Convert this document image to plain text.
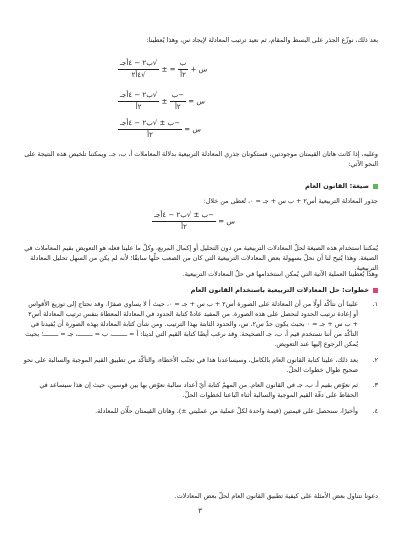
بعد ذلك، نوزّع الجذر على البسط والمقام، ثم نعيد ترتيب المعادلة لإيجاد س، وهذا يُعطينا:

س +
$\frac{\text{ب}}{\text{٢أ}}$
= ±
$\frac{\text{√ب٢ − ٤أجـ}}{\text{√٤أ٢}}$
س =
$\frac{\text{−ب}}{\text{٢أ}}$
±
$\frac{\text{√ب٢ − ٤أجـ}}{\text{٢أ}}$
س =
$\frac{\text{−ب ± √ب٢ − ٤أجـ}}{\text{٢أ}}$

وعليه، إذا كانت هاتان القيمتان موجودتين، فستكونان جذري المعادلة التربيعية بدلالة المعاملات أ، ب، جـ. ويمكننا تلخيص هذه النتيجة على النحو الآتي:

صيغة: القانون العام

جذور المعادلة التربيعية أس٢ + ب س + جـ = ٠، تُعطى من خلال:

س =
$\frac{\text{−ب ± √ب٢ − ٤أجـ}}{\text{٢أ}}$

يُمكننا استخدام هذه الصيغة لحلّ المعادلات التربيعية من دون التحليل أو إكمال المربع، وكلّ ما علينا فعله هو التعويض بقيم المعاملات في الصيغة. وهذا يُتيح لنا أن نحلّ بسهولة بعض المعادلات التربيعية التي كان من الصعب حلّها سابقًا؛ لأنه لم يكن من السهل تحليل المعادلة التربيعية.

وهذا يُعطينا العملية الآتية التي يُمكن استخدامها في حلّ المعادلات التربيعية.

خطوات: حل المعادلات التربيعية باستخدام القانون العام
١.
علينا أن نتأكّد أولًا من أن المعادلة على الصورة أس٢ + ب س + جـ = ٠، حيث أ لا يساوي صفرًا. وقد نحتاج إلى توزيع الأقواس أو إعادة ترتيب الحدود لنحصل على هذه الصورة. من المفيد عادةً كتابة الحدود في المعادلة المعطاة بنفس ترتيب المعادلة أس٢ + ب س + جـ = ٠ بحيث يكون حدّ س٢، س، والحدود الثابتة بهذا الترتيب. ومن شأن كتابة المعادلة بهذه الصورة أن يُفيدنا في التأكّد من أننا نستخدم قيم أ، ب، جـ الصحيحة. وقد نرغب أيضًا كتابة القيم التي لدينا: أ = ــــــــ، ب = ــــــــ، جـ = ــــــــ؛ بحيث يُمكن الرجوع إليها عند التعويض.
٢.
بعد ذلك، علينا كتابة القانون العام بالكامل، وسيساعدنا هذا في تجنّب الأخطاء، والتأكّد من تطبيق القيم الموجبة والسالبة على نحو صحيح طوال خطوات الحلّ.
٣.
ثم نعوّض بقيم أ، ب، جـ في القانون العام. من المهمّ كتابة أيّ أعداد سالبة نعوّض بها بين قوسين، حيث إن هذا سيساعد في الحفاظ على دقّة القيم الموجبة والسالبة أثناء اتّباعنا لخطوات الحلّ.
٤.
وأخيرًا، سنحصل على قيمتين (قيمة واحدة لكلّ عملية من عمليتي ±)، وهاتان القيمتان حلّان للمعادلة.

دعونا نتناول بعض الأمثلة على كيفية تطبيق القانون العام لحلّ بعض المعادلات.

٣
